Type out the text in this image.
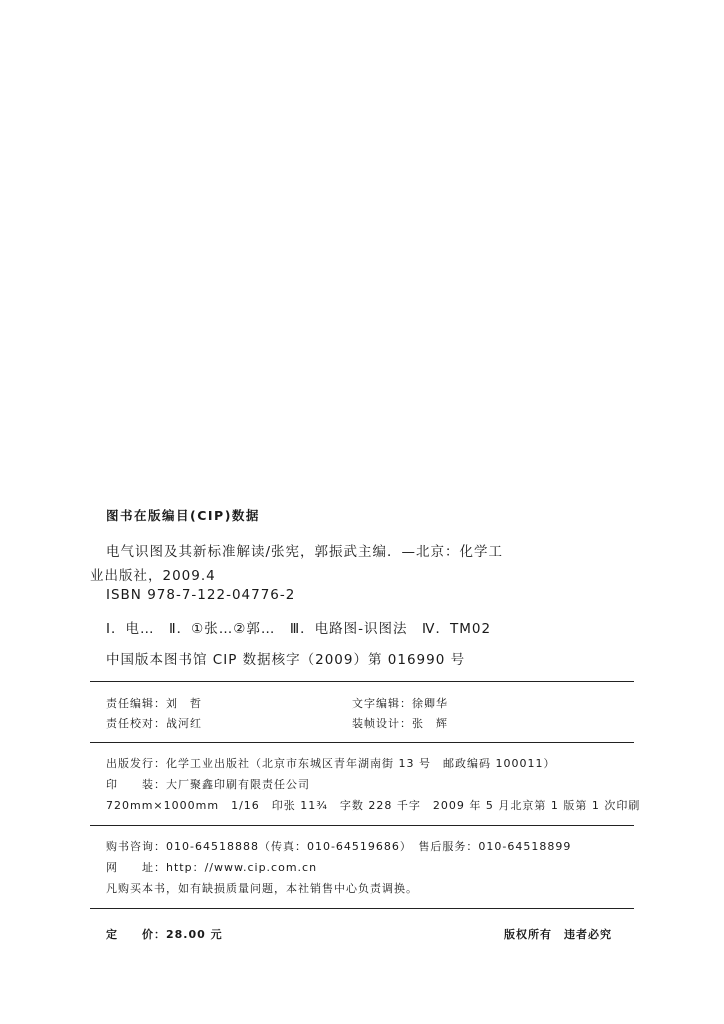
图书在版编目(CIP)数据
电气识图及其新标准解读/张宪，郭振武主编．—北京：化学工
业出版社，2009.4
ISBN 978-7-122-04776-2
Ⅰ．电…　Ⅱ．①张…②郭…　Ⅲ．电路图-识图法　Ⅳ．TM02
中国版本图书馆 CIP 数据核字（2009）第 016990 号
责任编辑：刘　哲	文字编辑：徐卿华
责任校对：战河红	装帧设计：张　辉
出版发行：化学工业出版社（北京市东城区青年湖南街 13 号　邮政编码 100011）
印　　装：大厂聚鑫印刷有限责任公司
720mm×1000mm　1/16　印张 11¾　字数 228 千字　2009 年 5 月北京第 1 版第 1 次印刷
购书咨询：010-64518888（传真：010-64519686）　售后服务：010-64518899
网　　址：http：//www.cip.com.cn
凡购买本书，如有缺损质量问题，本社销售中心负责调换。
定　　价：28.00 元	版权所有　违者必究
